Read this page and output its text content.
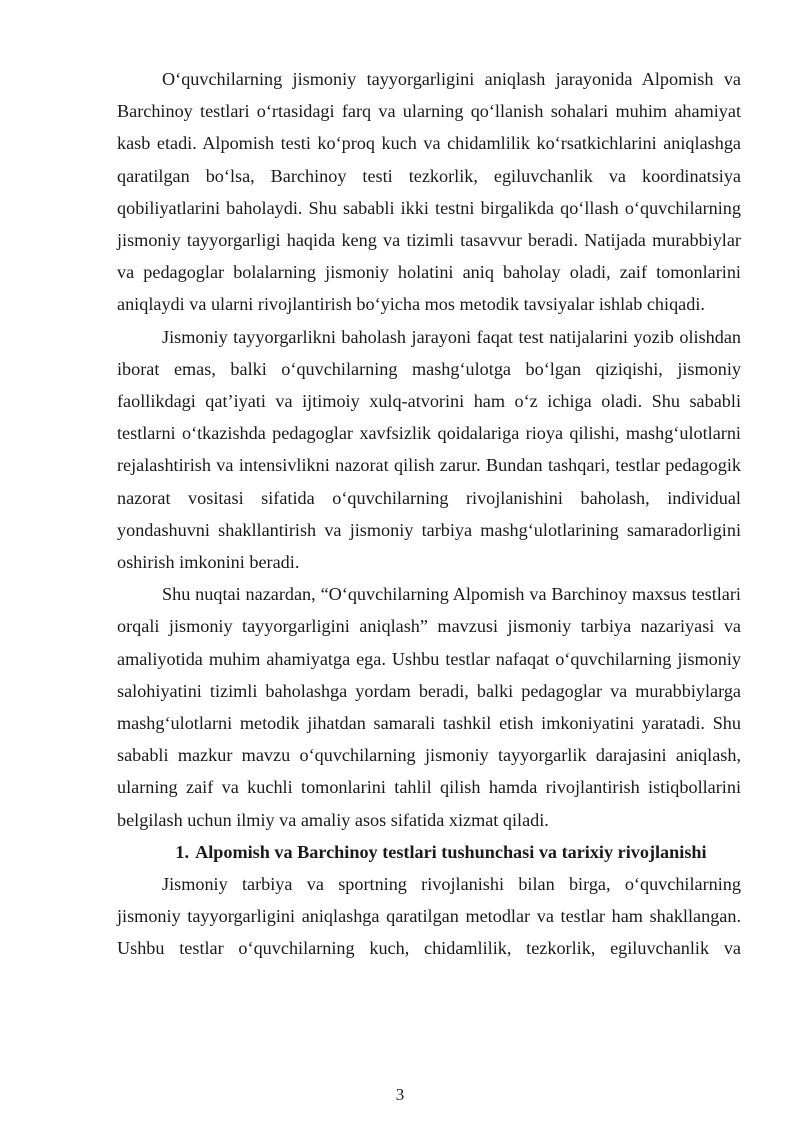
O‘quvchilarning jismoniy tayyorgarligini aniqlash jarayonida Alpomish va Barchinoy testlari o‘rtasidagi farq va ularning qo‘llanish sohalari muhim ahamiyat kasb etadi. Alpomish testi ko‘proq kuch va chidamlilik ko‘rsatkichlarini aniqlashga qaratilgan bo‘lsa, Barchinoy testi tezkorlik, egiluvchanlik va koordinatsiya qobiliyatlarini baholaydi. Shu sababli ikki testni birgalikda qo‘llash o‘quvchilarning jismoniy tayyorgarligi haqida keng va tizimli tasavvur beradi. Natijada murabbiylar va pedagoglar bolalarning jismoniy holatini aniq baholay oladi, zaif tomonlarini aniqlaydi va ularni rivojlantirish bo‘yicha mos metodik tavsiyalar ishlab chiqadi.

Jismoniy tayyorgarlikni baholash jarayoni faqat test natijalarini yozib olishdan iborat emas, balki o‘quvchilarning mashg‘ulotga bo‘lgan qiziqishi, jismoniy faollikdagi qat’iyati va ijtimoiy xulq-atvorini ham o‘z ichiga oladi. Shu sababli testlarni o‘tkazishda pedagoglar xavfsizlik qoidalariga rioya qilishi, mashg‘ulotlarni rejalashtirish va intensivlikni nazorat qilish zarur. Bundan tashqari, testlar pedagogik nazorat vositasi sifatida o‘quvchilarning rivojlanishini baholash, individual yondashuvni shakllantirish va jismoniy tarbiya mashg‘ulotlarining samaradorligini oshirish imkonini beradi.

Shu nuqtai nazardan, “O‘quvchilarning Alpomish va Barchinoy maxsus testlari orqali jismoniy tayyorgarligini aniqlash” mavzusi jismoniy tarbiya nazariyasi va amaliyotida muhim ahamiyatga ega. Ushbu testlar nafaqat o‘quvchilarning jismoniy salohiyatini tizimli baholashga yordam beradi, balki pedagoglar va murabbiylarga mashg‘ulotlarni metodik jihatdan samarali tashkil etish imkoniyatini yaratadi. Shu sababli mazkur mavzu o‘quvchilarning jismoniy tayyorgarlik darajasini aniqlash, ularning zaif va kuchli tomonlarini tahlil qilish hamda rivojlantirish istiqbollarini belgilash uchun ilmiy va amaliy asos sifatida xizmat qiladi.

1. Alpomish va Barchinoy testlari tushunchasi va tarixiy rivojlanishi

Jismoniy tarbiya va sportning rivojlanishi bilan birga, o‘quvchilarning jismoniy tayyorgarligini aniqlashga qaratilgan metodlar va testlar ham shakllangan. Ushbu testlar o‘quvchilarning kuch, chidamlilik, tezkorlik, egiluvchanlik va

3
